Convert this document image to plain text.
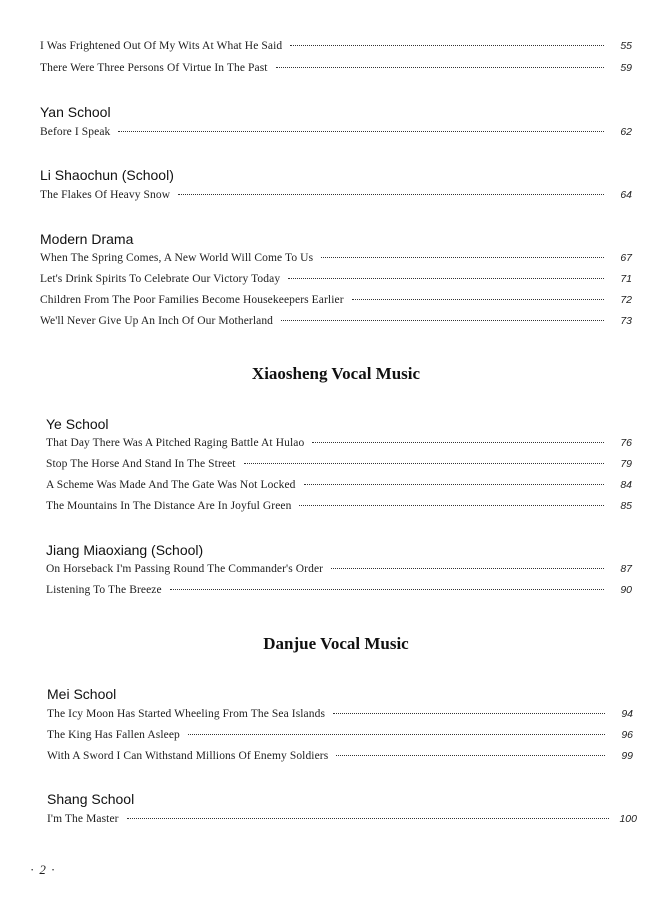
I Was Frightened Out Of My Wits At What He Said	55
There Were Three Persons Of Virtue In The Past	59
Yan School
Before I Speak	62
Li Shaochun (School)
The Flakes Of Heavy Snow	64
Modern Drama
When The Spring Comes, A New World Will Come To Us	67
Let's Drink Spirits To Celebrate Our Victory Today	71
Children From The Poor Families Become Housekeepers Earlier	72
We'll Never Give Up An Inch Of Our Motherland	73
Xiaosheng Vocal Music
Ye School
That Day There Was A Pitched Raging Battle At Hulao	76
Stop The Horse And Stand In The Street	79
A Scheme Was Made And The Gate Was Not Locked	84
The Mountains In The Distance Are In Joyful Green	85
Jiang Miaoxiang (School)
On Horseback I'm Passing Round The Commander's Order	87
Listening To The Breeze	90
Danjue Vocal Music
Mei School
The Icy Moon Has Started Wheeling From The Sea Islands	94
The King Has Fallen Asleep	96
With A Sword I Can Withstand Millions Of Enemy Soldiers	99
Shang School
I'm The Master	100
· 2 ·
